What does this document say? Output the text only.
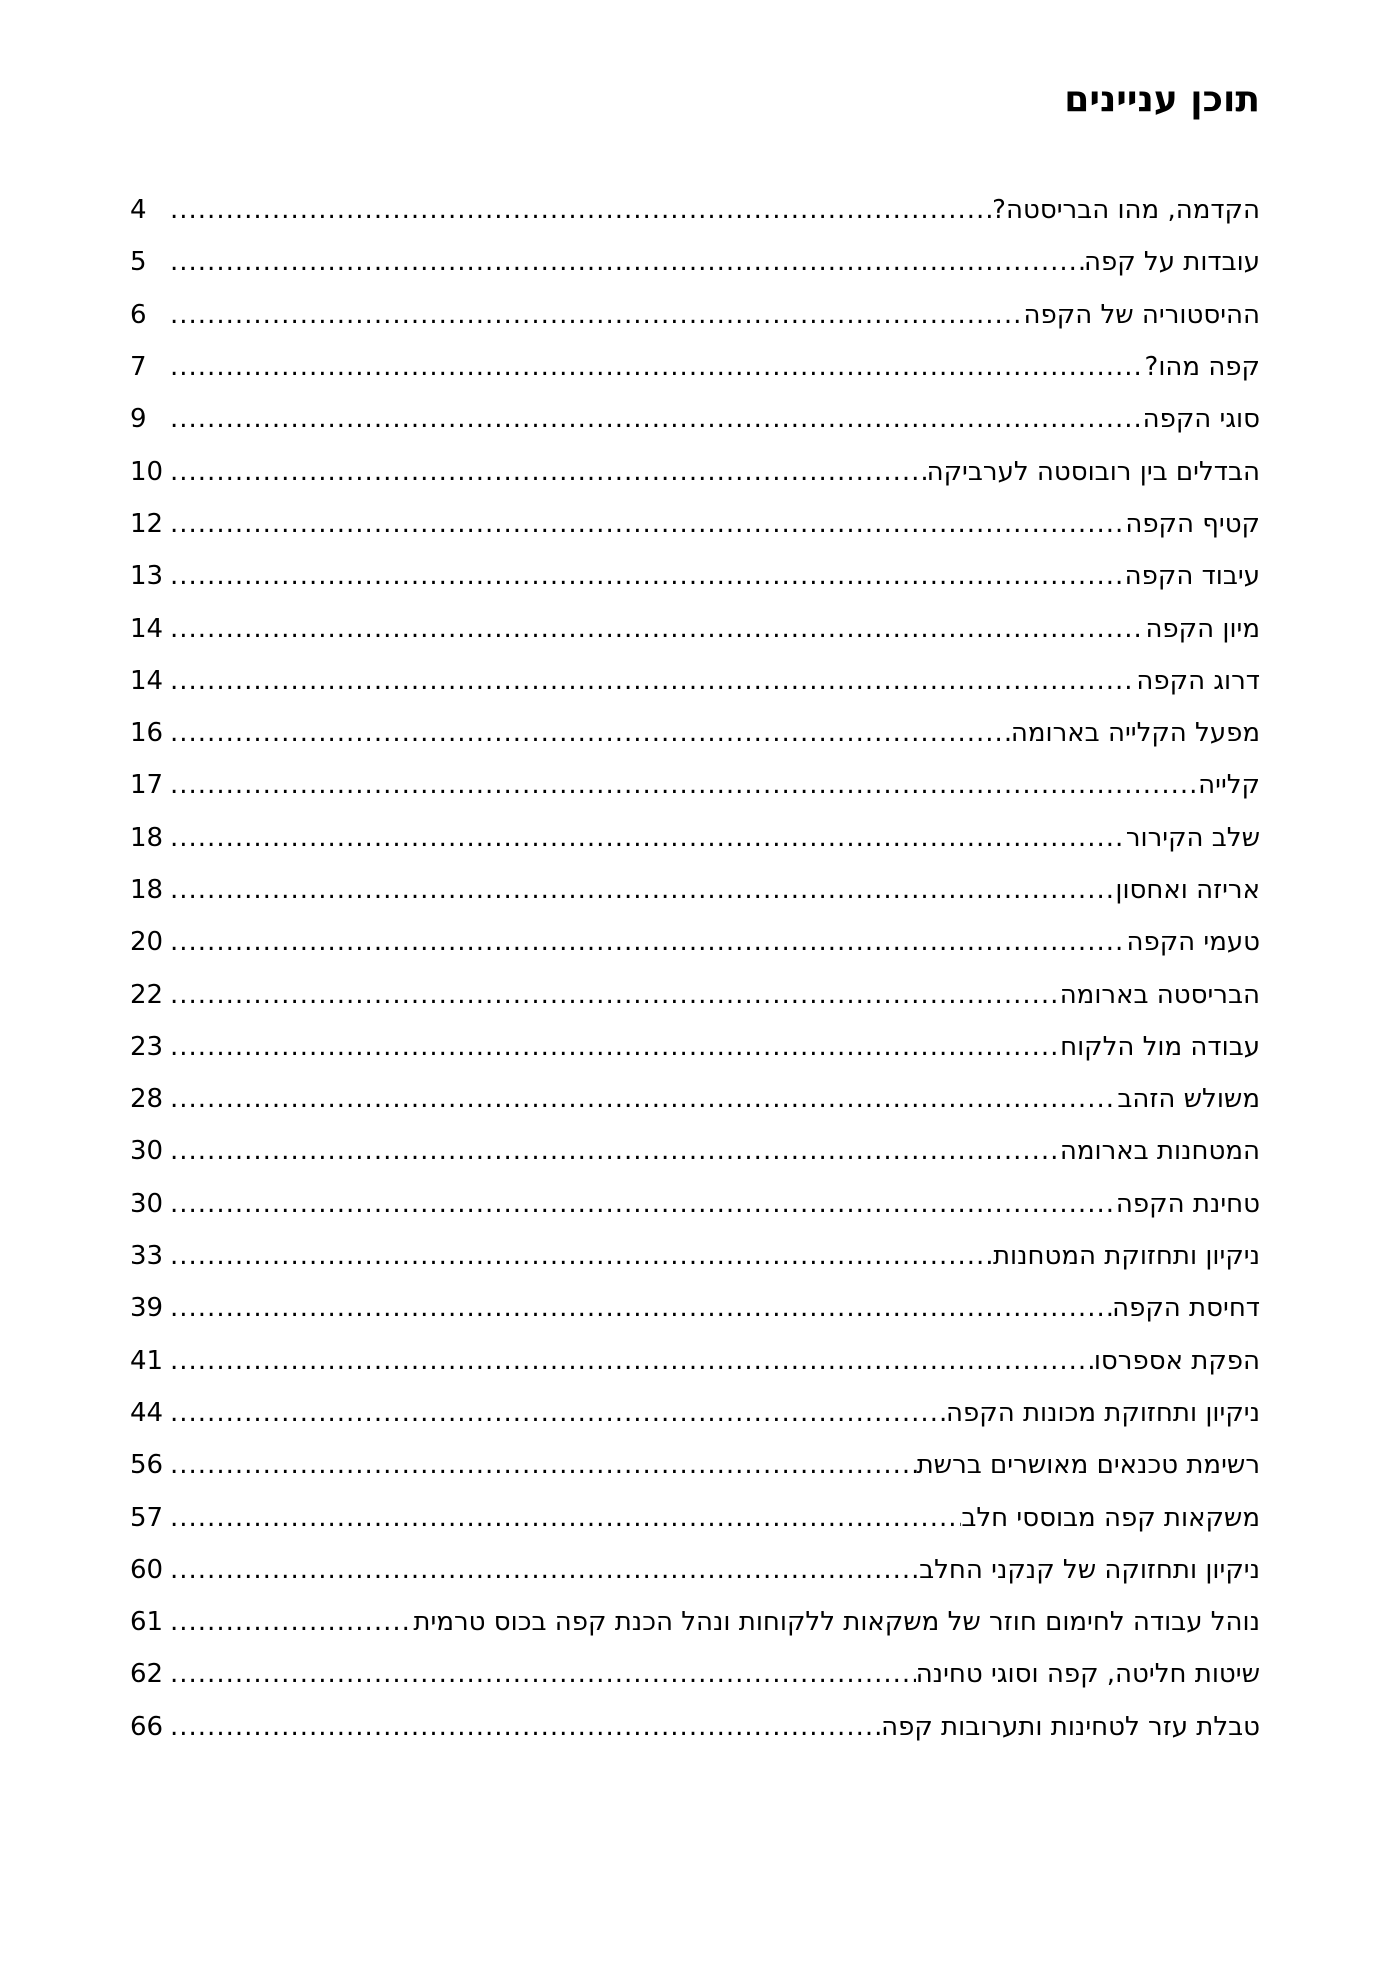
תוכן עניינים
הקדמה, מהו הבריסטה?
.....
4
עובדות על קפה
.....
5
ההיסטוריה של הקפה
.....
6
קפה מהו?
.....
7
סוגי הקפה
.....
9
הבדלים בין רובוסטה לערביקה
.....
10
קטיף הקפה
.....
12
עיבוד הקפה
.....
13
מיון הקפה
.....
14
דרוג הקפה
.....
14
מפעל הקלייה בארומה
.....
16
קלייה
.....
17
שלב הקירור
.....
18
אריזה ואחסון
.....
18
טעמי הקפה
.....
20
הבריסטה בארומה
.....
22
עבודה מול הלקוח
.....
23
משולש הזהב
.....
28
המטחנות בארומה
.....
30
טחינת הקפה
.....
30
ניקיון ותחזוקת המטחנות
.....
33
דחיסת הקפה
.....
39
הפקת אספרסו
.....
41
ניקיון ותחזוקת מכונות הקפה
.....
44
רשימת טכנאים מאושרים ברשת
.....
56
משקאות קפה מבוססי חלב
.....
57
ניקיון ותחזוקה של קנקני החלב
.....
60
נוהל עבודה לחימום חוזר של משקאות ללקוחות ונהל הכנת קפה בכוס טרמית
.....
61
שיטות חליטה, קפה וסוגי טחינה
.....
62
טבלת עזר לטחינות ותערובות קפה
.....
66
